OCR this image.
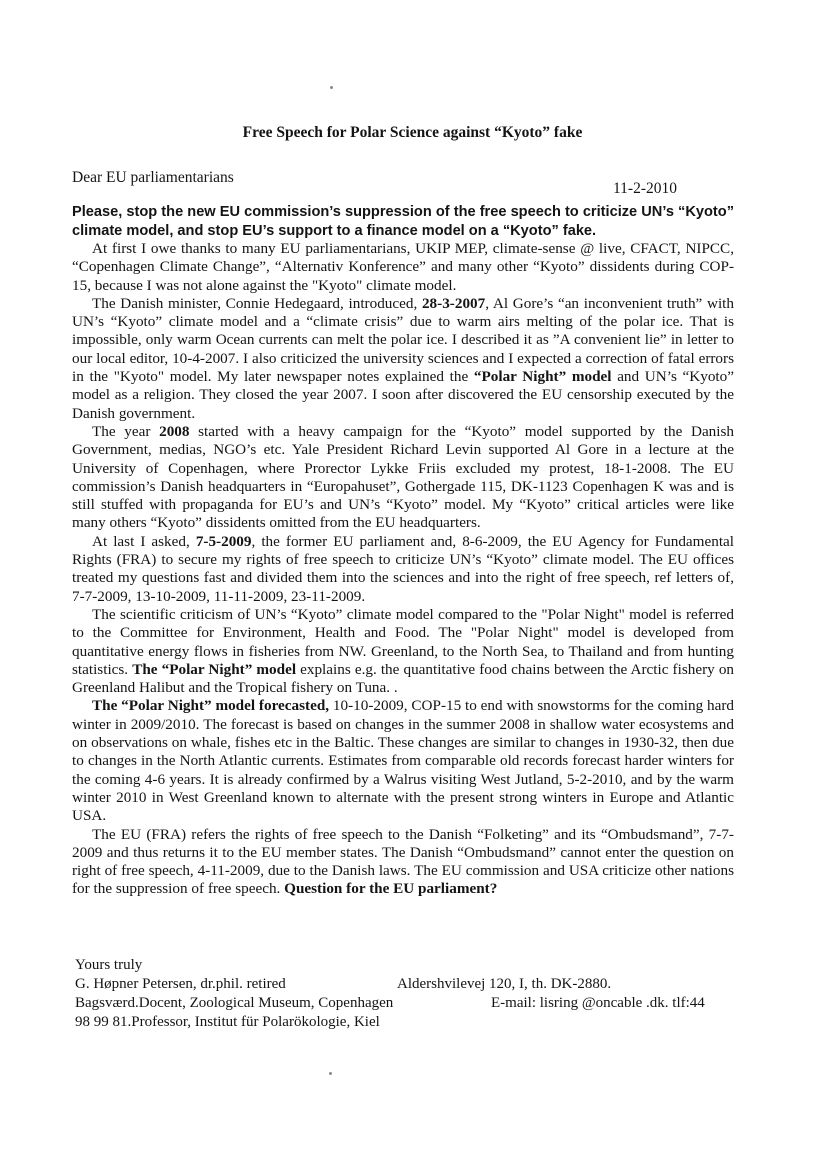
Free Speech for Polar Science against “Kyoto” fake
Dear EU parliamentarians
11-2-2010

Please, stop the new EU commission’s suppression of the free speech to criticize UN’s “Kyoto” climate model, and stop EU’s support to a finance model on a “Kyoto” fake.

At first I owe thanks to many EU parliamentarians, UKIP MEP, climate-sense @ live, CFACT, NIPCC, “Copenhagen Climate Change”, “Alternativ Konference” and many other “Kyoto” dissidents during COP-15, because I was not alone against the "Kyoto" climate model.

The Danish minister, Connie Hedegaard, introduced, 28-3-2007, Al Gore’s “an inconvenient truth” with UN’s “Kyoto” climate model and a “climate crisis” due to warm airs melting of the polar ice. That is impossible, only warm Ocean currents can melt the polar ice. I described it as ”A convenient lie” in letter to our local editor, 10-4-2007. I also criticized the university sciences and I expected a correction of fatal errors in the "Kyoto" model. My later newspaper notes explained the “Polar Night” model and UN’s “Kyoto” model as a religion. They closed the year 2007. I soon after discovered the EU censorship executed by the Danish government.

The year 2008 started with a heavy campaign for the “Kyoto” model supported by the Danish Government, medias, NGO’s etc. Yale President Richard Levin supported Al Gore in a lecture at the University of Copenhagen, where Prorector Lykke Friis excluded my protest, 18-1-2008. The EU commission’s Danish headquarters in “Europahuset”, Gothergade 115, DK-1123 Copenhagen K was and is still stuffed with propaganda for EU’s and UN’s “Kyoto” model. My “Kyoto” critical articles were like many others “Kyoto” dissidents omitted from the EU headquarters.

At last I asked, 7-5-2009, the former EU parliament and, 8-6-2009, the EU Agency for Fundamental Rights (FRA) to secure my rights of free speech to criticize UN’s “Kyoto” climate model. The EU offices treated my questions fast and divided them into the sciences and into the right of free speech, ref letters of, 7-7-2009, 13-10-2009, 11-11-2009, 23-11-2009.

The scientific criticism of UN’s “Kyoto” climate model compared to the "Polar Night" model is referred to the Committee for Environment, Health and Food. The "Polar Night" model is developed from quantitative energy flows in fisheries from NW. Greenland, to the North Sea, to Thailand and from hunting statistics. The “Polar Night” model explains e.g. the quantitative food chains between the Arctic fishery on Greenland Halibut and the Tropical fishery on Tuna. .

The “Polar Night” model forecasted, 10-10-2009, COP-15 to end with snowstorms for the coming hard winter in 2009/2010. The forecast is based on changes in the summer 2008 in shallow water ecosystems and on observations on whale, fishes etc in the Baltic. These changes are similar to changes in 1930-32, then due to changes in the North Atlantic currents. Estimates from comparable old records forecast harder winters for the coming 4-6 years. It is already confirmed by a Walrus visiting West Jutland, 5-2-2010, and by the warm winter 2010 in West Greenland known to alternate with the present strong winters in Europe and Atlantic USA.

The EU (FRA) refers the rights of free speech to the Danish “Folketing” and its “Ombudsmand”, 7-7-2009 and thus returns it to the EU member states. The Danish “Ombudsmand” cannot enter the question on right of free speech, 4-11-2009, due to the Danish laws. The EU commission and USA criticize other nations for the suppression of free speech. Question for the EU parliament?

Yours truly
G. Høpner Petersen, dr.phil. retired	Aldershvilevej 120, I, th. DK-2880.
Bagsværd.Docent, Zoological Museum, Copenhagen	E-mail: lisring @oncable .dk. tlf:44
98 99 81.Professor, Institut für Polarökologie, Kiel
